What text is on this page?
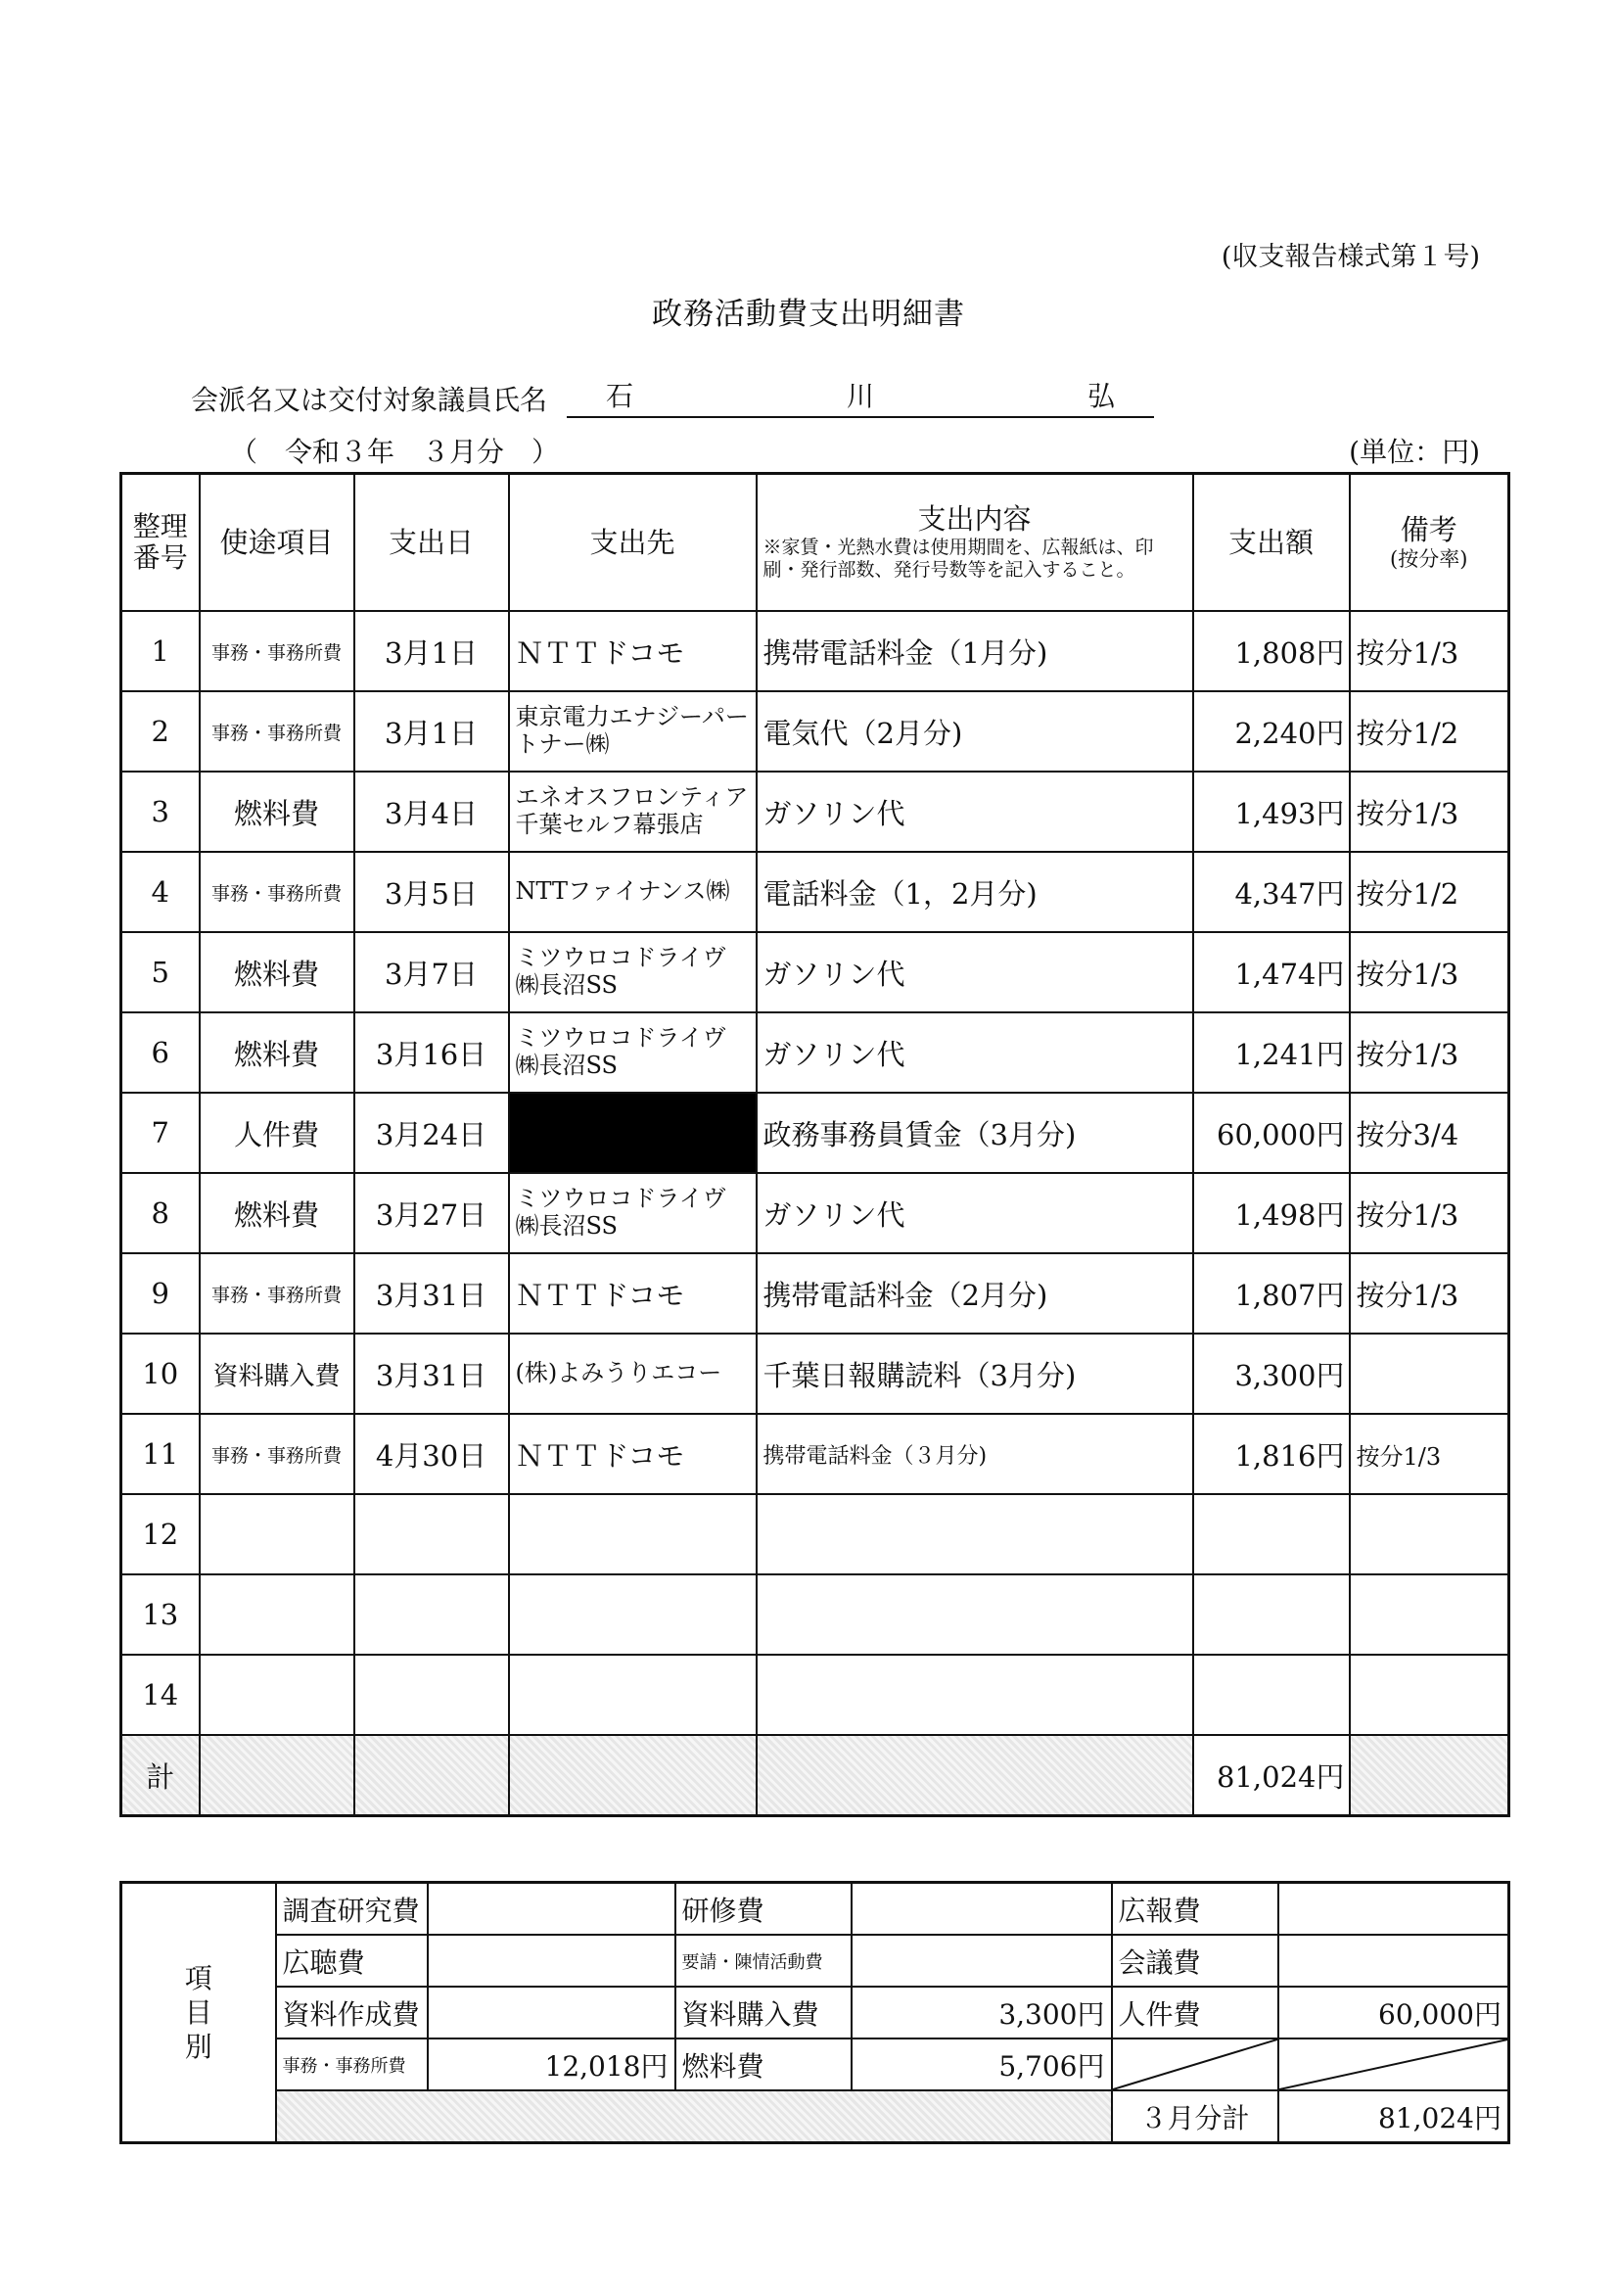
(収支報告様式第１号)
政務活動費支出明細書
会派名又は交付対象議員氏名 石	川	弘
（　令和３年　３月分　）	(単位：円)
整理番号	使途項目	支出日	支出先	支出内容
※家賃・光熱水費は使用期間を、広報紙は、印刷・発行部数、発行号数等を記入すること。	支出額	備考
(按分率)

1	事務・事務所費	3月1日	ＮＴＴドコモ	携帯電話料金（1月分)	1,808円	按分1/3
2	事務・事務所費	3月1日	東京電力エナジーパートナー㈱	電気代（2月分)	2,240円	按分1/2
3	燃料費	3月4日	エネオスフロンティア千葉セルフ幕張店	ガソリン代	1,493円	按分1/3
4	事務・事務所費	3月5日	NTTファイナンス㈱	電話料金（1，2月分)	4,347円	按分1/2
5	燃料費	3月7日	ミツウロコドライヴ㈱長沼SS	ガソリン代	1,474円	按分1/3
6	燃料費	3月16日	ミツウロコドライヴ㈱長沼SS	ガソリン代	1,241円	按分1/3
7	人件費	3月24日		政務事務員賃金（3月分)	60,000円	按分3/4
8	燃料費	3月27日	ミツウロコドライヴ㈱長沼SS	ガソリン代	1,498円	按分1/3
9	事務・事務所費	3月31日	ＮＴＴドコモ	携帯電話料金（2月分)	1,807円	按分1/3
10	資料購入費	3月31日	(株)よみうりエコー	千葉日報購読料（3月分)	3,300円	
11	事務・事務所費	4月30日	ＮＴＴドコモ	携帯電話料金（３月分)	1,816円	按分1/3
12						
13						
14						
計					81,024円	
項目別	調査研究費		研修費		広報費	
	広聴費		要請・陳情活動費		会議費	
	資料作成費		資料購入費	3,300円	人件費	60,000円
	事務・事務所費	12,018円	燃料費	5,706円	

					３月分計	81,024円
